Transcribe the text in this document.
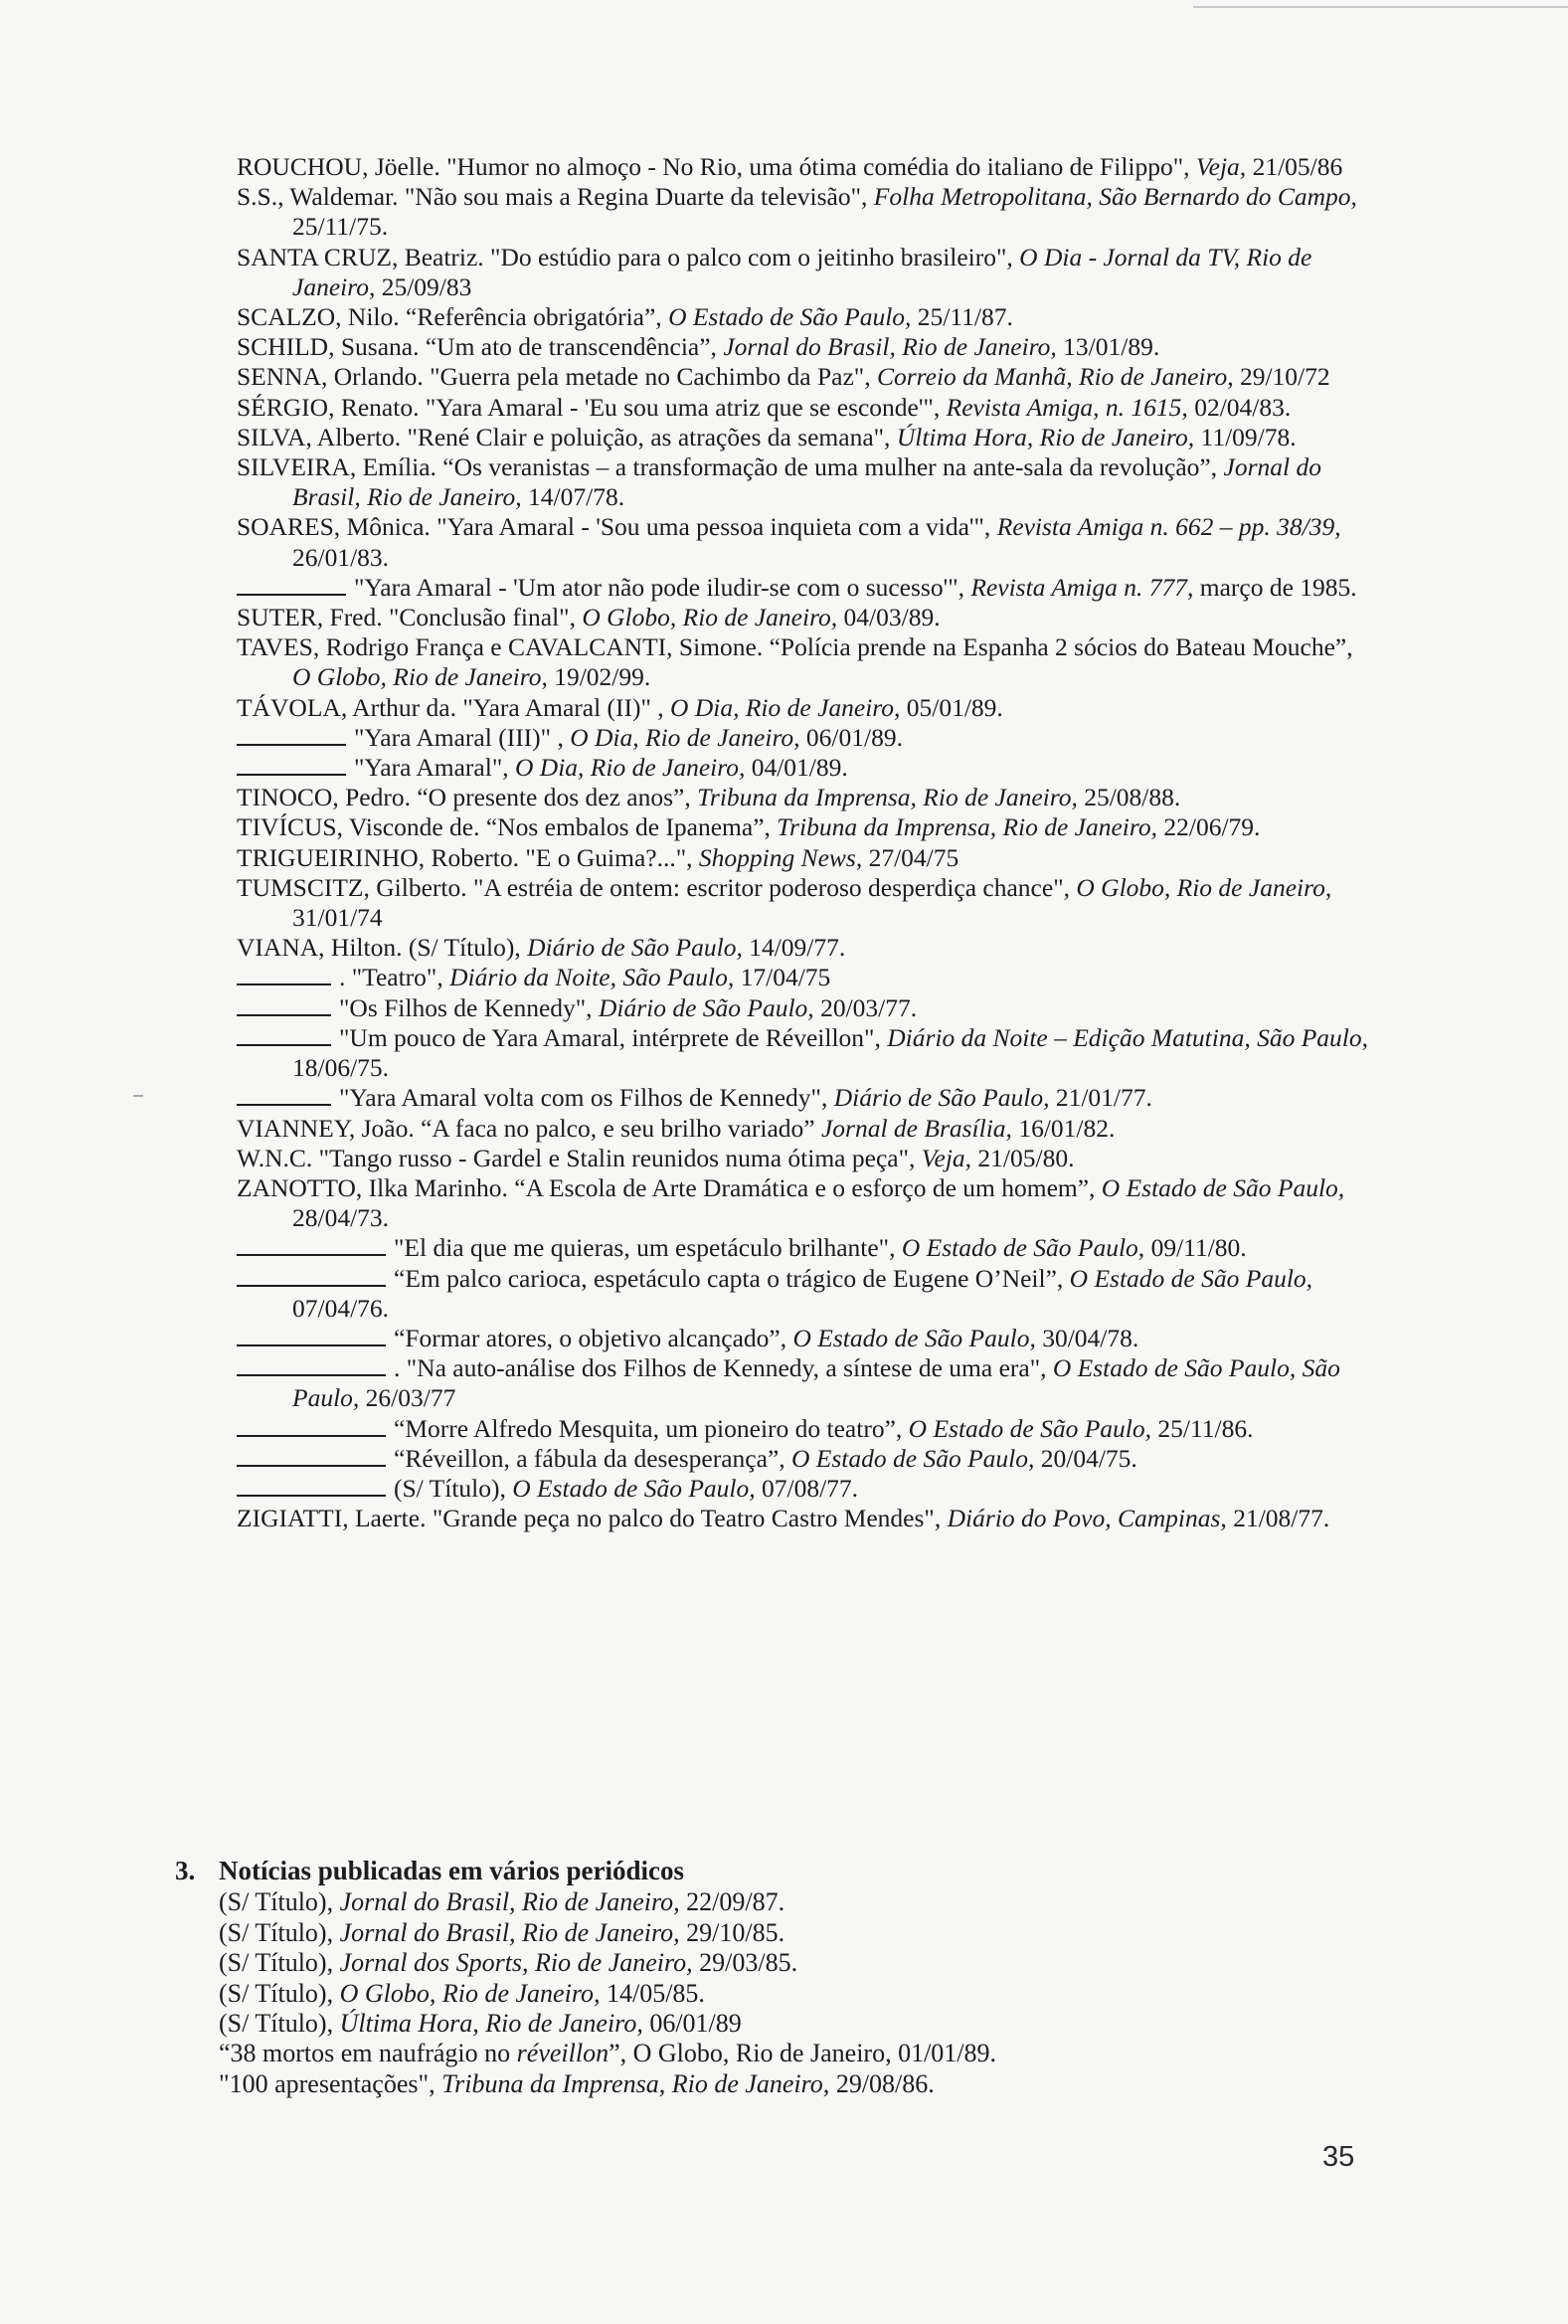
ROUCHOU, Jöelle. "Humor no almoço - No Rio, uma ótima comédia do italiano de Filippo", Veja, 21/05/86

S.S., Waldemar. "Não sou mais a Regina Duarte da televisão", Folha Metropolitana, São Bernardo do Campo, 25/11/75.

SANTA CRUZ, Beatriz. "Do estúdio para o palco com o jeitinho brasileiro", O Dia - Jornal da TV, Rio de Janeiro, 25/09/83

SCALZO, Nilo. “Referência obrigatória”, O Estado de São Paulo, 25/11/87.

SCHILD, Susana. “Um ato de transcendência”, Jornal do Brasil, Rio de Janeiro, 13/01/89.

SENNA, Orlando. "Guerra pela metade no Cachimbo da Paz", Correio da Manhã, Rio de Janeiro, 29/10/72

SÉRGIO, Renato. "Yara Amaral - 'Eu sou uma atriz que se esconde'", Revista Amiga, n. 1615, 02/04/83.

SILVA, Alberto. "René Clair e poluição, as atrações da semana", Última Hora, Rio de Janeiro, 11/09/78.

SILVEIRA, Emília. “Os veranistas – a transformação de uma mulher na ante-sala da revolução”, Jornal do Brasil, Rio de Janeiro, 14/07/78.

SOARES, Mônica. "Yara Amaral - 'Sou uma pessoa inquieta com a vida'", Revista Amiga n. 662 – pp. 38/39, 26/01/83.

"Yara Amaral - 'Um ator não pode iludir-se com o sucesso'", Revista Amiga n. 777, março de 1985.

SUTER, Fred. "Conclusão final", O Globo, Rio de Janeiro, 04/03/89.

TAVES, Rodrigo França e CAVALCANTI, Simone. “Polícia prende na Espanha 2 sócios do Bateau Mouche”, O Globo, Rio de Janeiro, 19/02/99.

TÁVOLA, Arthur da. "Yara Amaral (II)" , O Dia, Rio de Janeiro, 05/01/89.

"Yara Amaral (III)" , O Dia, Rio de Janeiro, 06/01/89.

"Yara Amaral", O Dia, Rio de Janeiro, 04/01/89.

TINOCO, Pedro. “O presente dos dez anos”, Tribuna da Imprensa, Rio de Janeiro, 25/08/88.

TIVÍCUS, Visconde de. “Nos embalos de Ipanema”, Tribuna da Imprensa, Rio de Janeiro, 22/06/79.

TRIGUEIRINHO, Roberto. "E o Guima?...", Shopping News, 27/04/75

TUMSCITZ, Gilberto. "A estréia de ontem: escritor poderoso desperdiça chance", O Globo, Rio de Janeiro, 31/01/74

VIANA, Hilton. (S/ Título), Diário de São Paulo, 14/09/77.

. "Teatro", Diário da Noite, São Paulo, 17/04/75

"Os Filhos de Kennedy", Diário de São Paulo, 20/03/77.

"Um pouco de Yara Amaral, intérprete de Réveillon", Diário da Noite – Edição Matutina, São Paulo, 18/06/75.

"Yara Amaral volta com os Filhos de Kennedy", Diário de São Paulo, 21/01/77.

VIANNEY, João. “A faca no palco, e seu brilho variado” Jornal de Brasília, 16/01/82.

W.N.C. "Tango russo - Gardel e Stalin reunidos numa ótima peça", Veja, 21/05/80.

ZANOTTO, Ilka Marinho. “A Escola de Arte Dramática e o esforço de um homem”, O Estado de São Paulo, 28/04/73.

"El dia que me quieras, um espetáculo brilhante", O Estado de São Paulo, 09/11/80.

“Em palco carioca, espetáculo capta o trágico de Eugene O’Neil”, O Estado de São Paulo, 07/04/76.

“Formar atores, o objetivo alcançado”, O Estado de São Paulo, 30/04/78.

. "Na auto-análise dos Filhos de Kennedy, a síntese de uma era", O Estado de São Paulo, São Paulo, 26/03/77

“Morre Alfredo Mesquita, um pioneiro do teatro”, O Estado de São Paulo, 25/11/86.

“Réveillon, a fábula da desesperança”, O Estado de São Paulo, 20/04/75.

(S/ Título), O Estado de São Paulo, 07/08/77.

ZIGIATTI, Laerte. "Grande peça no palco do Teatro Castro Mendes", Diário do Povo, Campinas, 21/08/77.

3. Notícias publicadas em vários periódicos

(S/ Título), Jornal do Brasil, Rio de Janeiro, 22/09/87.

(S/ Título), Jornal do Brasil, Rio de Janeiro, 29/10/85.

(S/ Título), Jornal dos Sports, Rio de Janeiro, 29/03/85.

(S/ Título), O Globo, Rio de Janeiro, 14/05/85.

(S/ Título), Última Hora, Rio de Janeiro, 06/01/89

“38 mortos em naufrágio no réveillon”, O Globo, Rio de Janeiro, 01/01/89.

"100 apresentações", Tribuna da Imprensa, Rio de Janeiro, 29/08/86.

35
